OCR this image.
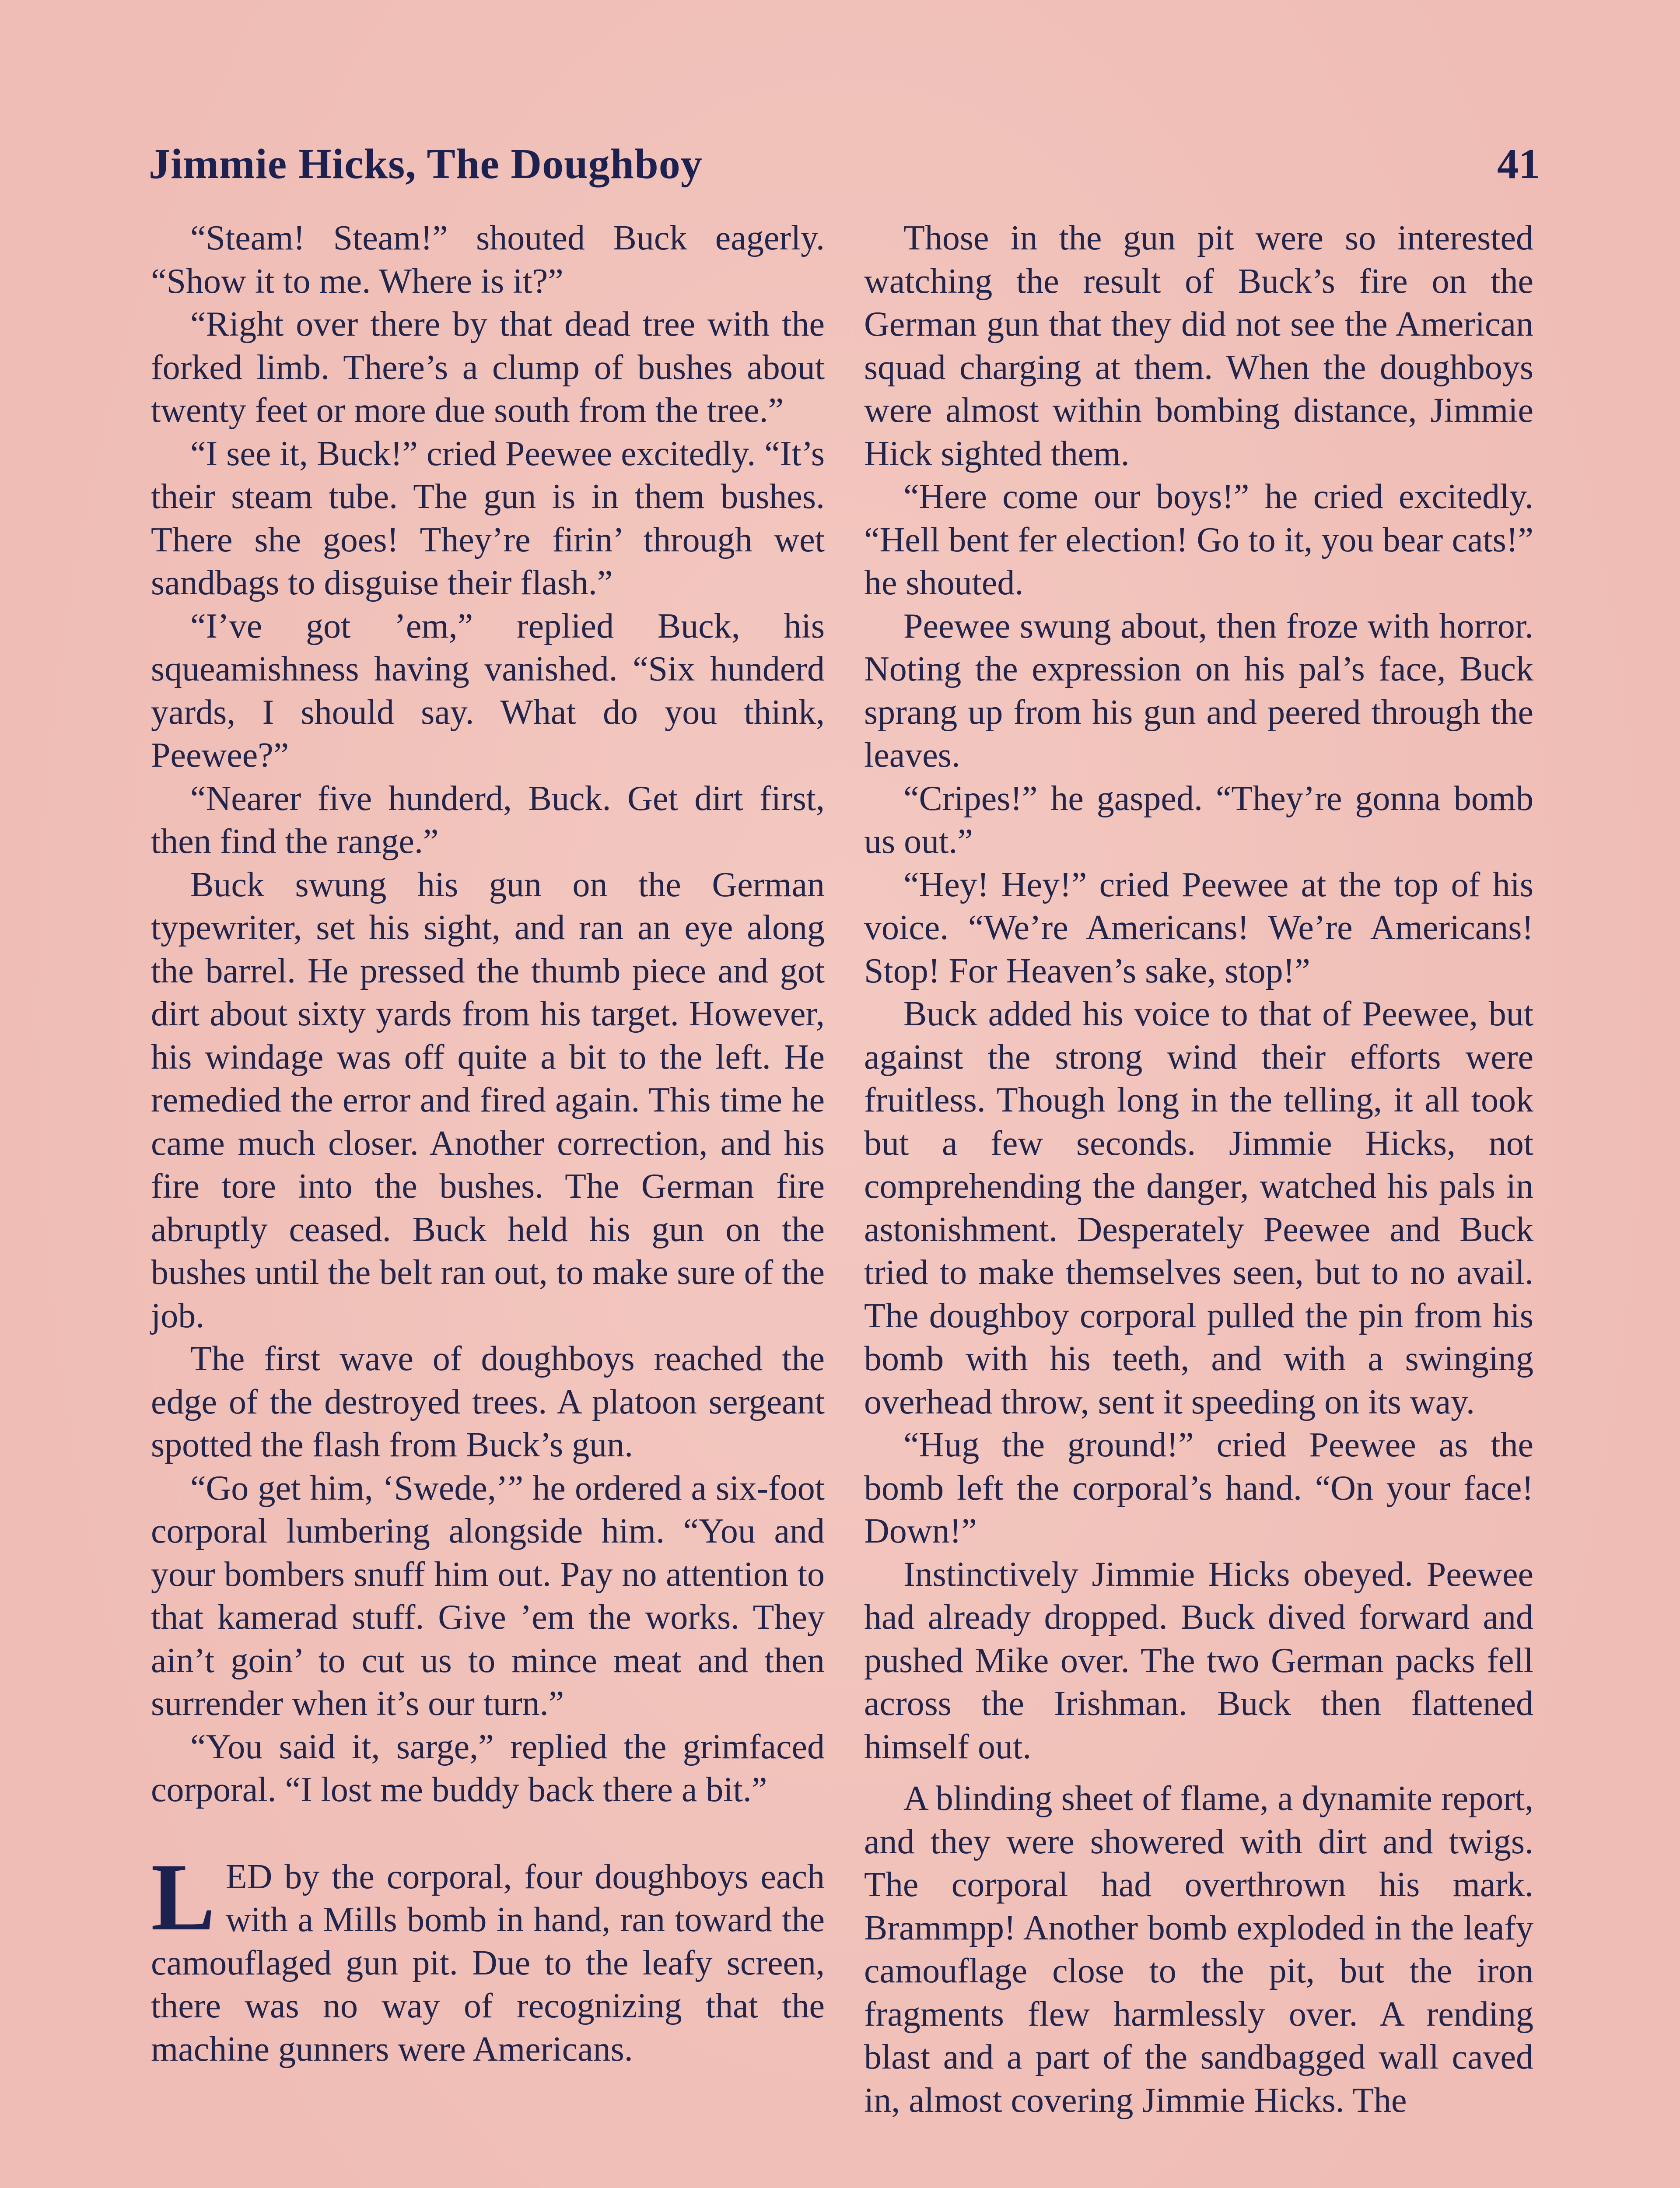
Jimmie Hicks, The Doughboy	41

“Steam! Steam!” shouted Buck eagerly. “Show it to me. Where is it?”

“Right over there by that dead tree with the forked limb. There’s a clump of bushes about twenty feet or more due south from the tree.”

“I see it, Buck!” cried Peewee excitedly. “It’s their steam tube. The gun is in them bushes. There she goes! They’re firin’ through wet sandbags to disguise their flash.”

“I’ve got ’em,” replied Buck, his squeamishness having vanished. “Six hunderd yards, I should say. What do you think, Peewee?”

“Nearer five hunderd, Buck. Get dirt first, then find the range.”

Buck swung his gun on the German typewriter, set his sight, and ran an eye along the barrel. He pressed the thumb piece and got dirt about sixty yards from his target. However, his windage was off quite a bit to the left. He remedied the error and fired again. This time he came much closer. Another correction, and his fire tore into the bushes. The German fire abruptly ceased. Buck held his gun on the bushes until the belt ran out, to make sure of the job.

The first wave of doughboys reached the edge of the destroyed trees. A platoon sergeant spotted the flash from Buck’s gun.

“Go get him, ‘Swede,’” he ordered a six-foot corporal lumbering alongside him. “You and your bombers snuff him out. Pay no attention to that kamerad stuff. Give ’em the works. They ain’t goin’ to cut us to mince meat and then surrender when it’s our turn.”

“You said it, sarge,” replied the grimfaced corporal. “I lost me buddy back there a bit.”

LED by the corporal, four doughboys each with a Mills bomb in hand, ran toward the camouflaged gun pit. Due to the leafy screen, there was no way of recognizing that the machine gunners were Americans.

Those in the gun pit were so interested watching the result of Buck’s fire on the German gun that they did not see the American squad charging at them. When the doughboys were almost within bombing distance, Jimmie Hick sighted them.

“Here come our boys!” he cried excitedly. “Hell bent fer election! Go to it, you bear cats!” he shouted.

Peewee swung about, then froze with horror. Noting the expression on his pal’s face, Buck sprang up from his gun and peered through the leaves.

“Cripes!” he gasped. “They’re gonna bomb us out.”

“Hey! Hey!” cried Peewee at the top of his voice. “We’re Americans! We’re Americans! Stop! For Heaven’s sake, stop!”

Buck added his voice to that of Peewee, but against the strong wind their efforts were fruitless. Though long in the telling, it all took but a few seconds. Jimmie Hicks, not comprehending the danger, watched his pals in astonishment. Desperately Peewee and Buck tried to make themselves seen, but to no avail. The doughboy corporal pulled the pin from his bomb with his teeth, and with a swinging overhead throw, sent it speeding on its way.

“Hug the ground!” cried Peewee as the bomb left the corporal’s hand. “On your face! Down!”

Instinctively Jimmie Hicks obeyed. Peewee had already dropped. Buck dived forward and pushed Mike over. The two German packs fell across the Irishman. Buck then flattened himself out.

A blinding sheet of flame, a dynamite report, and they were showered with dirt and twigs. The corporal had overthrown his mark. Brammpp! Another bomb exploded in the leafy camouflage close to the pit, but the iron fragments flew harmlessly over. A rending blast and a part of the sandbagged wall caved in, almost covering Jimmie Hicks. The
